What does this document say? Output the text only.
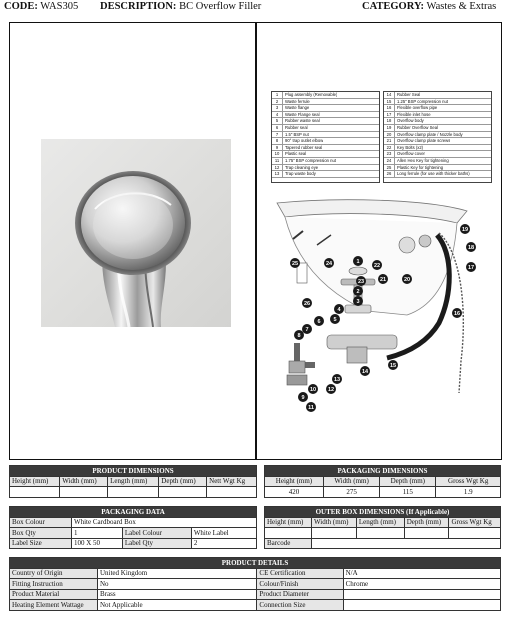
CODE: WAS305 DESCRIPTION: BC Overflow Filler	CATEGORY: Wastes & Extras
1	Plug assembly (Removable)
2	Waste ferrule
3	Waste flange
4	Waste Flange seal
5	Rubber waste seal
6	Rubber seal
7	1.5" BSP nut
8	90° trap outlet elbow
9	Tapered rubber seal
10	Plastic seal
11	1.75" BSP compression nut
12	Trap cleaning eye
13	Trap waste body
14	Rubber Seal
15	1.25" BSP compression nut
16	Flexible overflow pipe
17	Flexible inlet hose
18	Overflow body
19	Rubber Overflow Seal
20	Overflow clamp plate / Nozzle body
21	Overflow clamp plate screws
22	Key Bolts (x2)
23	Overflow cover
24	Allen Hex Key for tightening
25	Plastic Key for tightening
26	Long ferrule (for use with thicker baths)
1
2
3
4
5
6
7
8
9
10
11
12
13
14
15
16
17
18
19
20
21
22
23
24
25
26
PRODUCT DIMENSIONS				
Height (mm)	Width (mm)	Length (mm)	Depth (mm)	Nett Wgt Kg

PACKAGING DIMENSIONS			
Height (mm)	Width (mm)	Depth (mm)	Gross Wgt Kg
420	275	115	1.9
PACKAGING DATA			
Box Colour	White Cardboard Box		
Box Qty	1	Label Colour	White Label
Label Size	100 X 50	Label Qty	2
OUTER BOX DIMENSIONS (If Applicable)				
Height (mm)	Width (mm)	Length (mm)	Depth (mm)	Gross Wgt Kg

Barcode				
PRODUCT DETAILS			
Country of Origin	United Kingdom	CE Certification	N/A
Fitting Instruction	No	Colour/Finish	Chrome
Product Material	Brass	Product Diameter	
Heating Element Wattage	Not Applicable	Connection Size	
